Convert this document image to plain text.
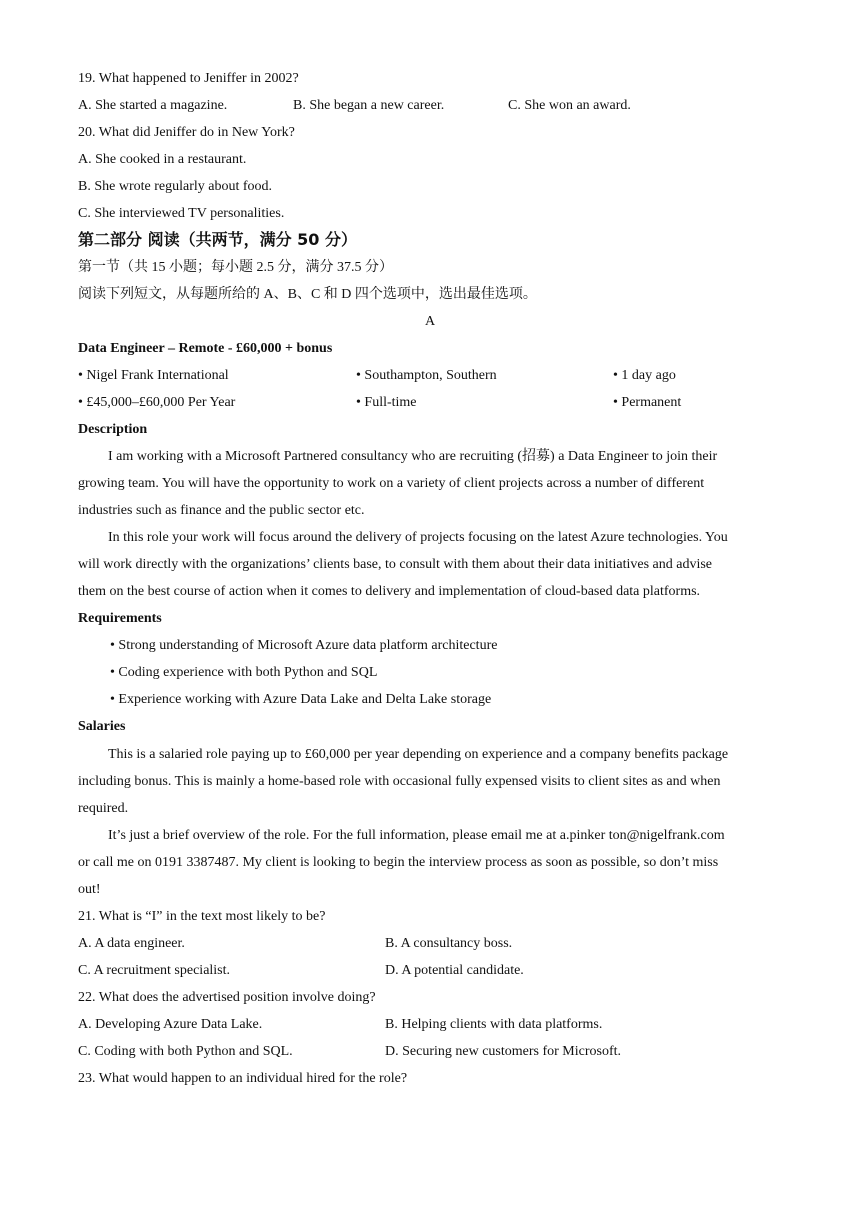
19. What happened to Jeniffer in 2002?
A. She started a magazine.	B. She began a new career.	C. She won an award.
20. What did Jeniffer do in New York?
A. She cooked in a restaurant.
B. She wrote regularly about food.
C. She interviewed TV personalities.
第二部分 阅读（共两节，满分 50 分）
第一节（共 15 小题；每小题 2.5 分，满分 37.5 分）
阅读下列短文，从每题所给的 A、B、C 和 D 四个选项中，选出最佳选项。
A
Data Engineer – Remote - £60,000 + bonus
• Nigel Frank International	• Southampton, Southern	• 1 day ago
• £45,000–£60,000 Per Year	• Full-time	• Permanent
Description
I am working with a Microsoft Partnered consultancy who are recruiting (招募) a Data Engineer to join their
growing team. You will have the opportunity to work on a variety of client projects across a number of different
industries such as finance and the public sector etc.
In this role your work will focus around the delivery of projects focusing on the latest Azure technologies. You
will work directly with the organizations’ clients base, to consult with them about their data initiatives and advise
them on the best course of action when it comes to delivery and implementation of cloud-based data platforms.
Requirements
• Strong understanding of Microsoft Azure data platform architecture
• Coding experience with both Python and SQL
• Experience working with Azure Data Lake and Delta Lake storage
Salaries
This is a salaried role paying up to £60,000 per year depending on experience and a company benefits package
including bonus. This is mainly a home-based role with occasional fully expensed visits to client sites as and when
required.
It’s just a brief overview of the role. For the full information, please email me at a.pinker ton@nigelfrank.com
or call me on 0191 3387487. My client is looking to begin the interview process as soon as possible, so don’t miss
out!
21. What is “I” in the text most likely to be?
A. A data engineer.	B. A consultancy boss.
C. A recruitment specialist.	D. A potential candidate.
22. What does the advertised position involve doing?
A. Developing Azure Data Lake.	B. Helping clients with data platforms.
C. Coding with both Python and SQL.	D. Securing new customers for Microsoft.
23. What would happen to an individual hired for the role?
